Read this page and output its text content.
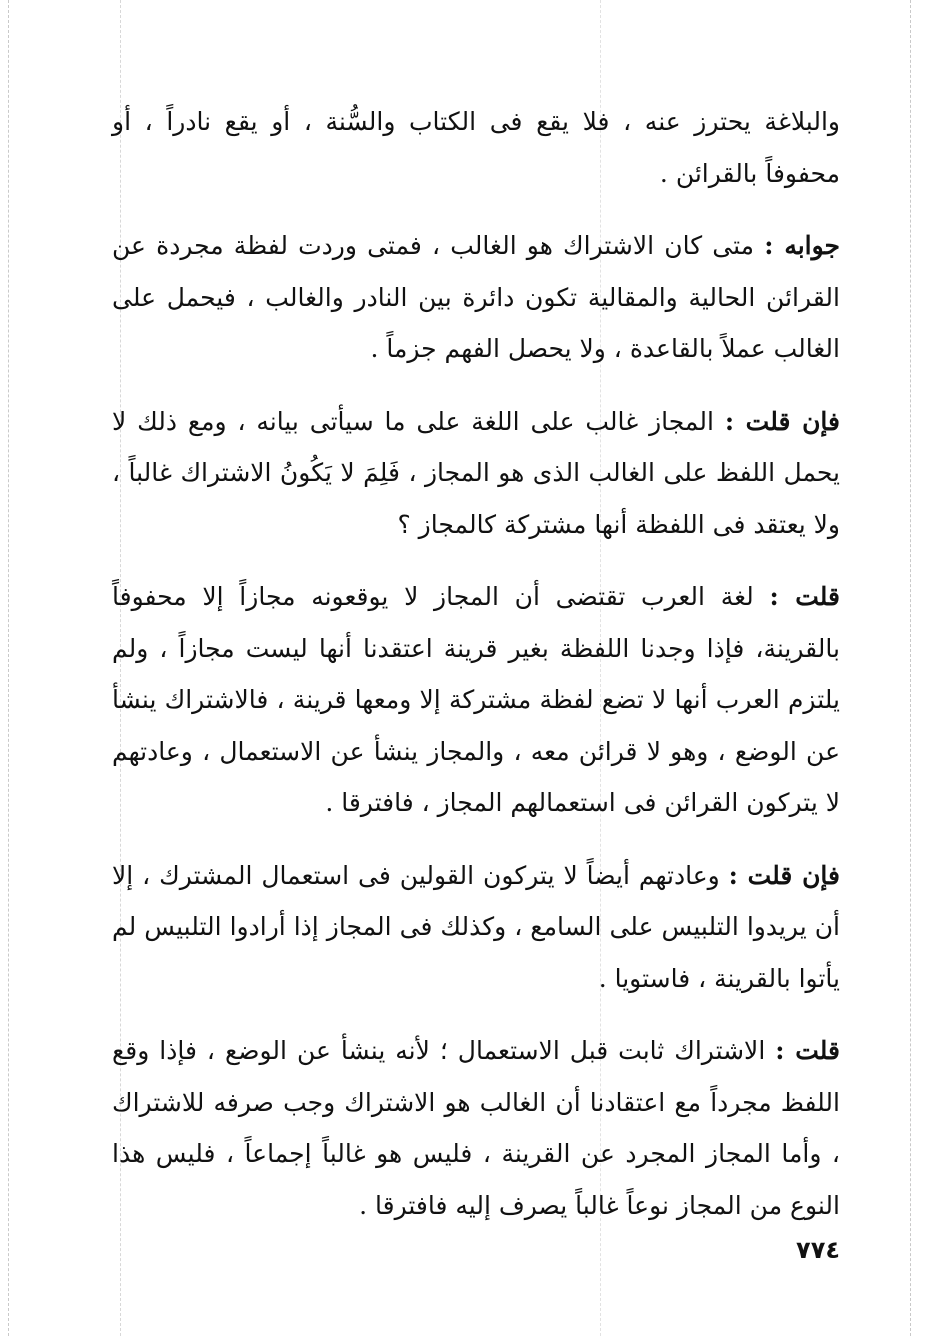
والبلاغة يحترز عنه ، فلا يقع فى الكتاب والسُّنة ، أو يقع نادراً ، أو محفوفاً بالقرائن .

جوابه : متى كان الاشتراك هو الغالب ، فمتى وردت لفظة مجردة عن القرائن الحالية والمقالية تكون دائرة بين النادر والغالب ، فيحمل على الغالب عملاً بالقاعدة ، ولا يحصل الفهم جزماً .

فإن قلت : المجاز غالب على اللغة على ما سيأتى بيانه ، ومع ذلك لا يحمل اللفظ على الغالب الذى هو المجاز ، فَلِمَ لا يَكُونُ الاشتراك غالباً ، ولا يعتقد فى اللفظة أنها مشتركة كالمجاز ؟

قلت : لغة العرب تقتضى أن المجاز لا يوقعونه مجازاً إلا محفوفاً بالقرينة، فإذا وجدنا اللفظة بغير قرينة اعتقدنا أنها ليست مجازاً ، ولم يلتزم العرب أنها لا تضع لفظة مشتركة إلا ومعها قرينة ، فالاشتراك ينشأ عن الوضع ، وهو لا قرائن معه ، والمجاز ينشأ عن الاستعمال ، وعادتهم لا يتركون القرائن فى استعمالهم المجاز ، فافترقا .

فإن قلت : وعادتهم أيضاً لا يتركون القولين فى استعمال المشترك ، إلا أن يريدوا التلبيس على السامع ، وكذلك فى المجاز إذا أرادوا التلبيس لم يأتوا بالقرينة ، فاستويا .

قلت : الاشتراك ثابت قبل الاستعمال ؛ لأنه ينشأ عن الوضع ، فإذا وقع اللفظ مجرداً مع اعتقادنا أن الغالب هو الاشتراك وجب صرفه للاشتراك ، وأما المجاز المجرد عن القرينة ، فليس هو غالباً إجماعاً ، فليس هذا النوع من المجاز نوعاً غالباً يصرف إليه فافترقا .

٧٧٤
